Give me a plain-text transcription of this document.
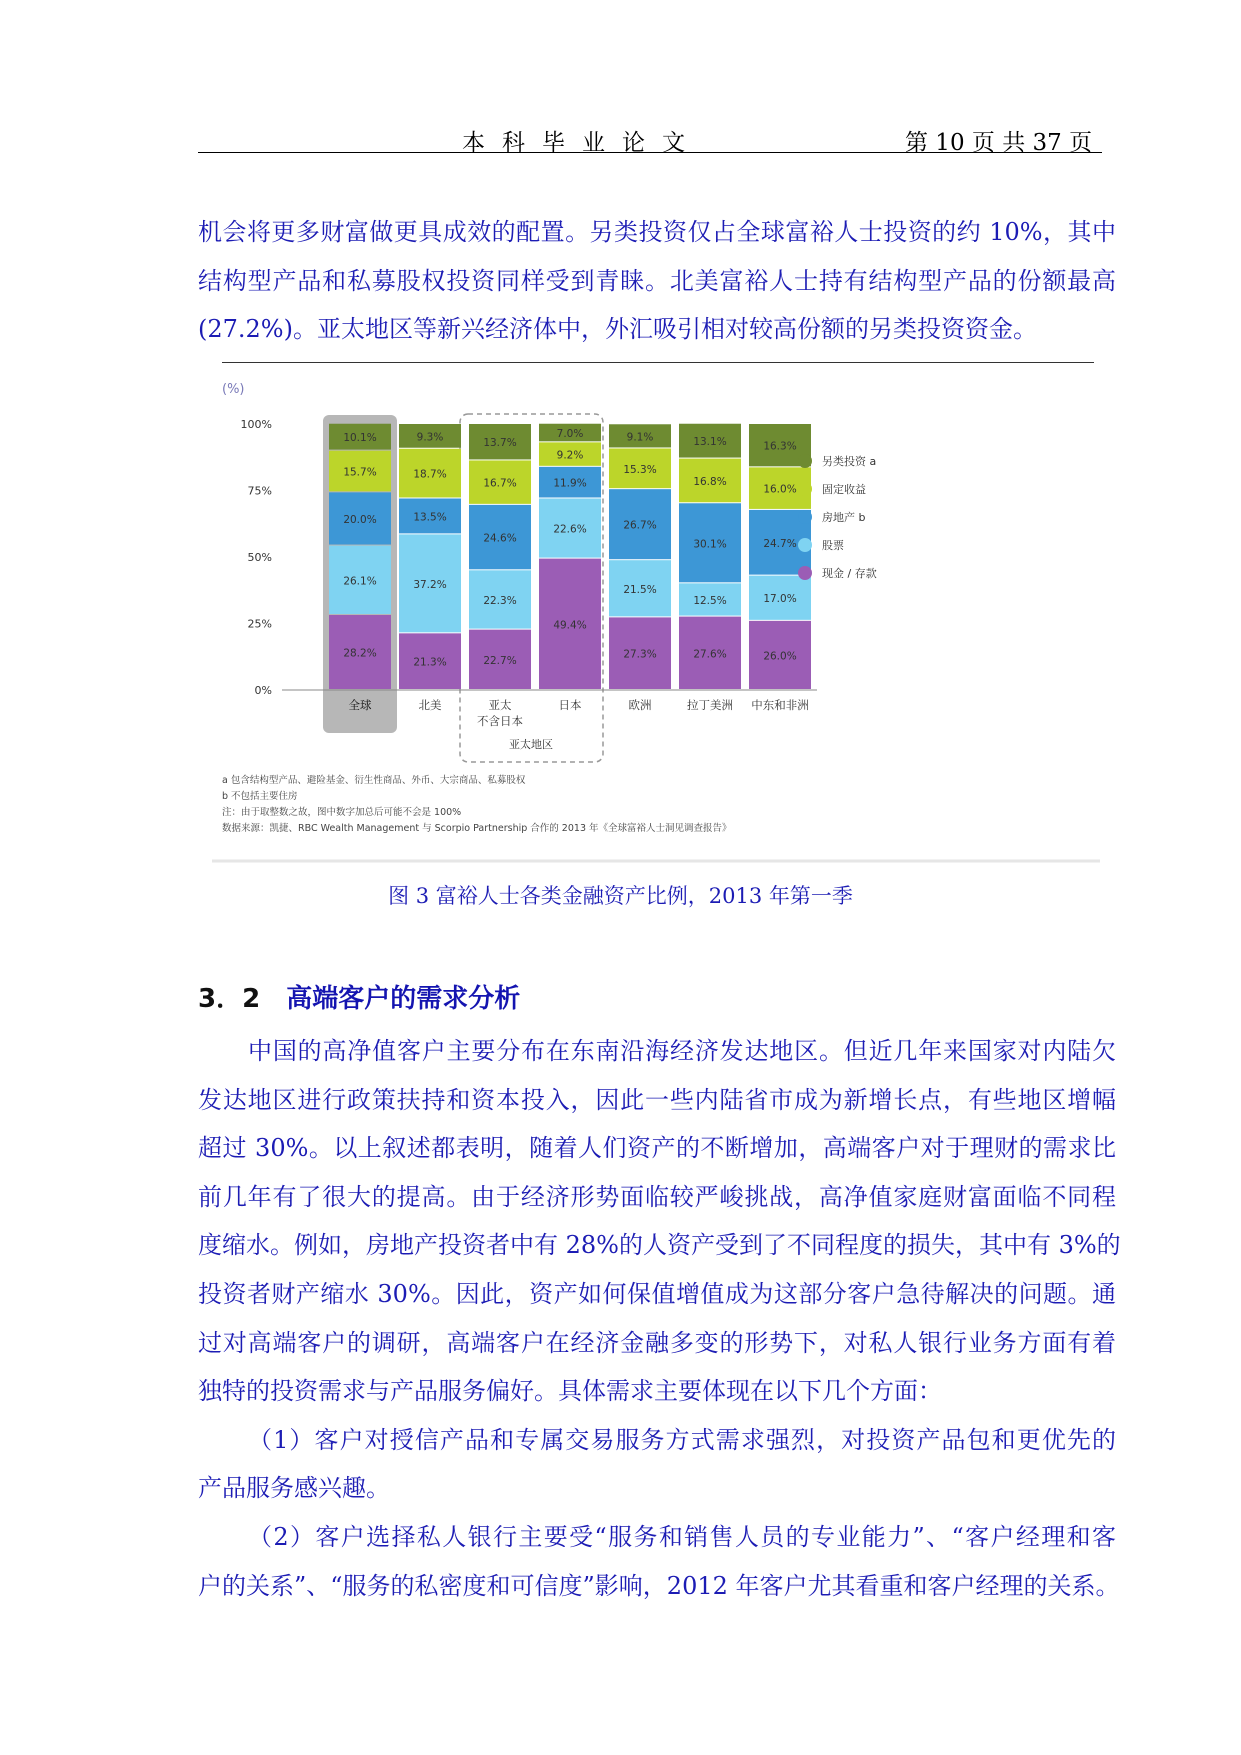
本科毕业论文	第 10 页 共 37 页
机会将更多财富做更具成效的配置。另类投资仅占全球富裕人士投资的约 10%，其中
结构型产品和私募股权投资同样受到青睐。北美富裕人士持有结构型产品的份额最高
(27.2%)。亚太地区等新兴经济体中，外汇吸引相对较高份额的另类投资资金。
(%)
0%
25%
50%
75%
100%
28.2%
26.1%
20.0%
15.7%
10.1%
全球
21.3%
37.2%
13.5%
18.7%
9.3%
北美
22.7%
22.3%
24.6%
16.7%
13.7%
亚太
不含日本
49.4%
22.6%
11.9%
9.2%
7.0%
日本
27.3%
21.5%
26.7%
15.3%
9.1%
欧洲
27.6%
12.5%
30.1%
16.8%
13.1%
拉丁美洲
26.0%
17.0%
24.7%
16.0%
16.3%
中东和非洲
亚太地区
另类投资 a
固定收益
房地产 b
股票
现金 / 存款
a 包含结构型产品、避险基金、衍生性商品、外币、大宗商品、私募股权
b 不包括主要住房
注：由于取整数之故，图中数字加总后可能不会是 100%
数据来源：凯捷、RBC Wealth Management 与 Scorpio Partnership 合作的 2013 年《全球富裕人士洞见调查报告》
图 3 富裕人士各类金融资产比例，2013 年第一季
3．2 高端客户的需求分析
中国的高净值客户主要分布在东南沿海经济发达地区。但近几年来国家对内陆欠
发达地区进行政策扶持和资本投入，因此一些内陆省市成为新增长点，有些地区增幅
超过 30%。以上叙述都表明，随着人们资产的不断增加，高端客户对于理财的需求比
前几年有了很大的提高。由于经济形势面临较严峻挑战，高净值家庭财富面临不同程
度缩水。例如，房地产投资者中有 28%的人资产受到了不同程度的损失，其中有 3%的
投资者财产缩水 30%。因此，资产如何保值增值成为这部分客户急待解决的问题。通
过对高端客户的调研，高端客户在经济金融多变的形势下，对私人银行业务方面有着
独特的投资需求与产品服务偏好。具体需求主要体现在以下几个方面：
（1）客户对授信产品和专属交易服务方式需求强烈，对投资产品包和更优先的
产品服务感兴趣。
（2）客户选择私人银行主要受“服务和销售人员的专业能力”、“客户经理和客
户的关系”、“服务的私密度和可信度”影响，2012 年客户尤其看重和客户经理的关系。
